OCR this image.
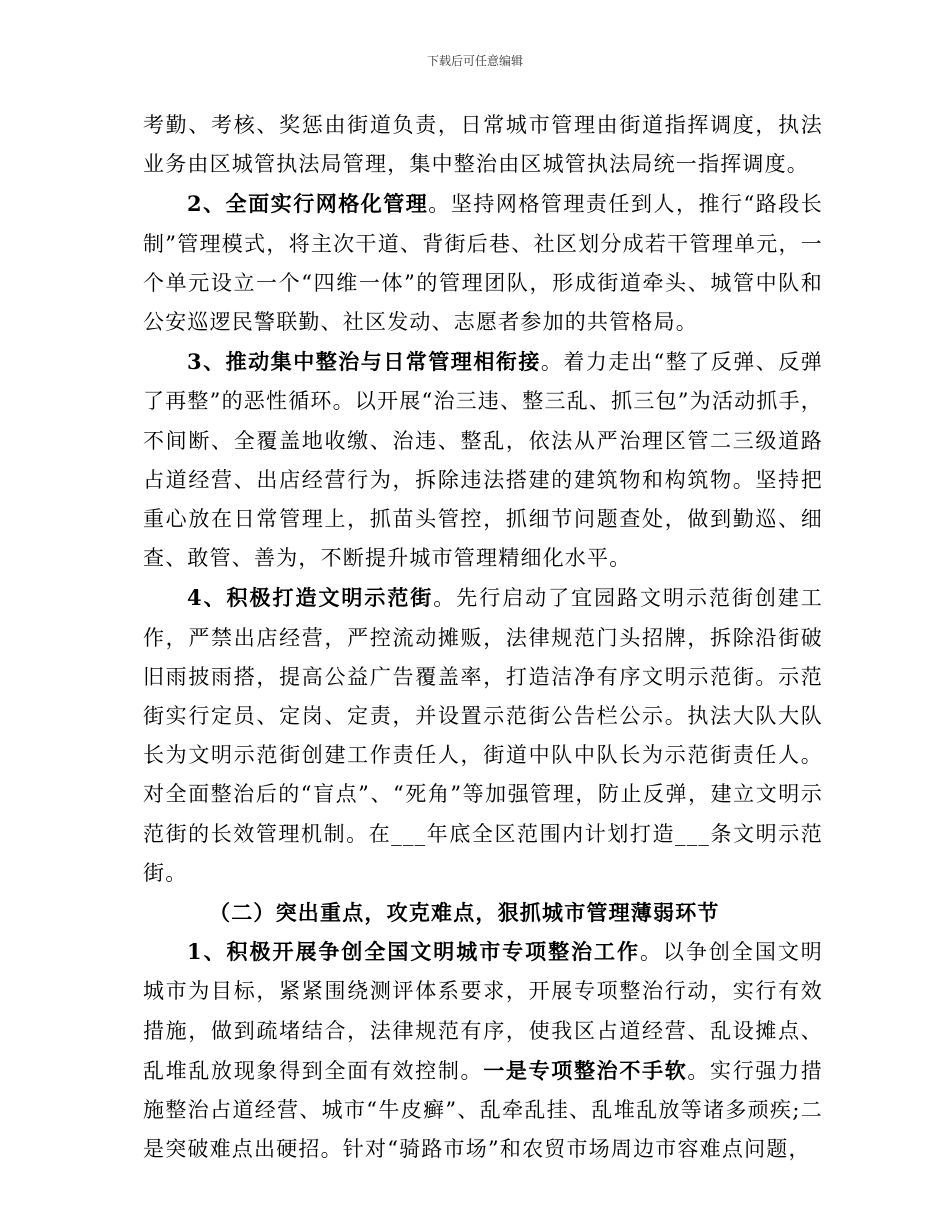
下载后可任意编辑

考勤、考核、奖惩由街道负责，日常城市管理由街道指挥调度，执法业务由区城管执法局管理，集中整治由区城管执法局统一指挥调度。

2、全面实行网格化管理。坚持网格管理责任到人，推行“路段长制”管理模式，将主次干道、背街后巷、社区划分成若干管理单元，一个单元设立一个“四维一体”的管理团队，形成街道牵头、城管中队和公安巡逻民警联勤、社区发动、志愿者参加的共管格局。

3、推动集中整治与日常管理相衔接。着力走出“整了反弹、反弹了再整”的恶性循环。以开展“治三违、整三乱、抓三包”为活动抓手，不间断、全覆盖地收缴、治违、整乱，依法从严治理区管二三级道路占道经营、出店经营行为，拆除违法搭建的建筑物和构筑物。坚持把重心放在日常管理上，抓苗头管控，抓细节问题查处，做到勤巡、细查、敢管、善为，不断提升城市管理精细化水平。

4、积极打造文明示范街。先行启动了宜园路文明示范街创建工作，严禁出店经营，严控流动摊贩，法律规范门头招牌，拆除沿街破旧雨披雨搭，提高公益广告覆盖率，打造洁净有序文明示范街。示范街实行定员、定岗、定责，并设置示范街公告栏公示。执法大队大队长为文明示范街创建工作责任人，街道中队中队长为示范街责任人。对全面整治后的“盲点”、“死角”等加强管理，防止反弹，建立文明示范街的长效管理机制。在___年底全区范围内计划打造___条文明示范街。

（二）突出重点，攻克难点，狠抓城市管理薄弱环节

1、积极开展争创全国文明城市专项整治工作。以争创全国文明城市为目标，紧紧围绕测评体系要求，开展专项整治行动，实行有效措施，做到疏堵结合，法律规范有序，使我区占道经营、乱设摊点、乱堆乱放现象得到全面有效控制。一是专项整治不手软。实行强力措施整治占道经营、城市“牛皮癣”、乱牵乱挂、乱堆乱放等诸多顽疾;二是突破难点出硬招。针对“骑路市场”和农贸市场周边市容难点问题，
